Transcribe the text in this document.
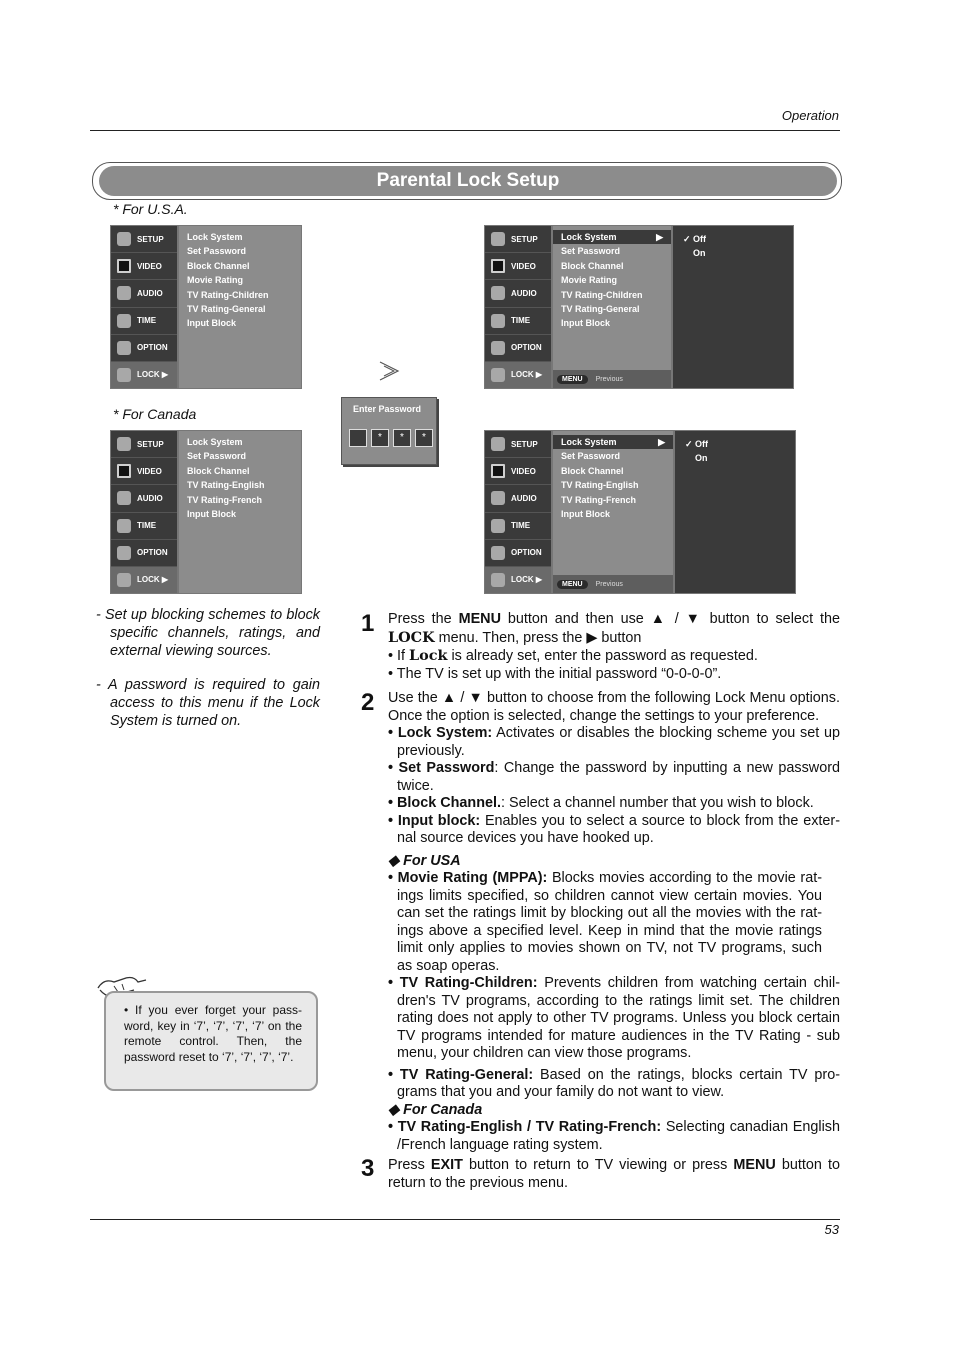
Operation
Parental Lock Setup
* For U.S.A.
* For Canada
SETUP
VIDEO
AUDIO
TIME
OPTION
LOCK ▶
Lock System
Set Password
Block Channel
Movie Rating
TV Rating-Children
TV Rating-General
Input Block
SETUP
VIDEO
AUDIO
TIME
OPTION
LOCK ▶
Lock System	▶
Set Password
Block Channel
Movie Rating
TV Rating-Children
TV Rating-General
Input Block
MENU	Previous
✓ Off
On
Enter Password
*	*	*
SETUP
VIDEO
AUDIO
TIME
OPTION
LOCK ▶
Lock System
Set Password
Block Channel
TV Rating-English
TV Rating-French
Input Block
SETUP
VIDEO
AUDIO
TIME
OPTION
LOCK ▶
Lock System	▶
Set Password
Block Channel
TV Rating-English
TV Rating-French
Input Block
MENU	Previous
✓ Off
On

- Set up blocking schemes to block specific channels, ratings, and external viewing sources.

- A password is required to gain access to this menu if the Lock System is turned on.

• If you ever forget your pass-word, key in ‘7’, ‘7’, ‘7’, ‘7’ on the remote control. Then, the password reset to ‘7’, ‘7’, ‘7’, ‘7’.
1 Press the MENU button and then use ▲ / ▼ button to select the LOCK menu. Then, press the ▶ button
• If Lock is already set, enter the password as requested.
• The TV is set up with the initial password “0-0-0-0”.
2 Use the ▲ / ▼ button to choose from the following Lock Menu options. Once the option is selected, change the settings to your preference.
• Lock System: Activates or disables the blocking scheme you set up previously.
• Set Password: Change the password by inputting a new password twice.
• Block Channel.: Select a channel number that you wish to block.
• Input block: Enables you to select a source to block from the exter-nal source devices you have hooked up.
◆ For USA
• Movie Rating (MPPA): Blocks movies according to the movie rat-ings limits specified, so children cannot view certain movies. You can set the ratings limit by blocking out all the movies with the rat-ings above a specified level. Keep in mind that the movie ratings limit only applies to movies shown on TV, not TV programs, such as soap operas.
• TV Rating-Children: Prevents children from watching certain chil-dren's TV programs, according to the ratings limit set. The children rating does not apply to other TV programs. Unless you block certain TV programs intended for mature audiences in the TV Rating - sub menu, your children can view those programs.
• TV Rating-General: Based on the ratings, blocks certain TV pro-grams that you and your family do not want to view.
◆ For Canada
• TV Rating-English / TV Rating-French: Selecting canadian English /French language rating system.
3 Press EXIT button to return to TV viewing or press MENU button to return to the previous menu.
53
